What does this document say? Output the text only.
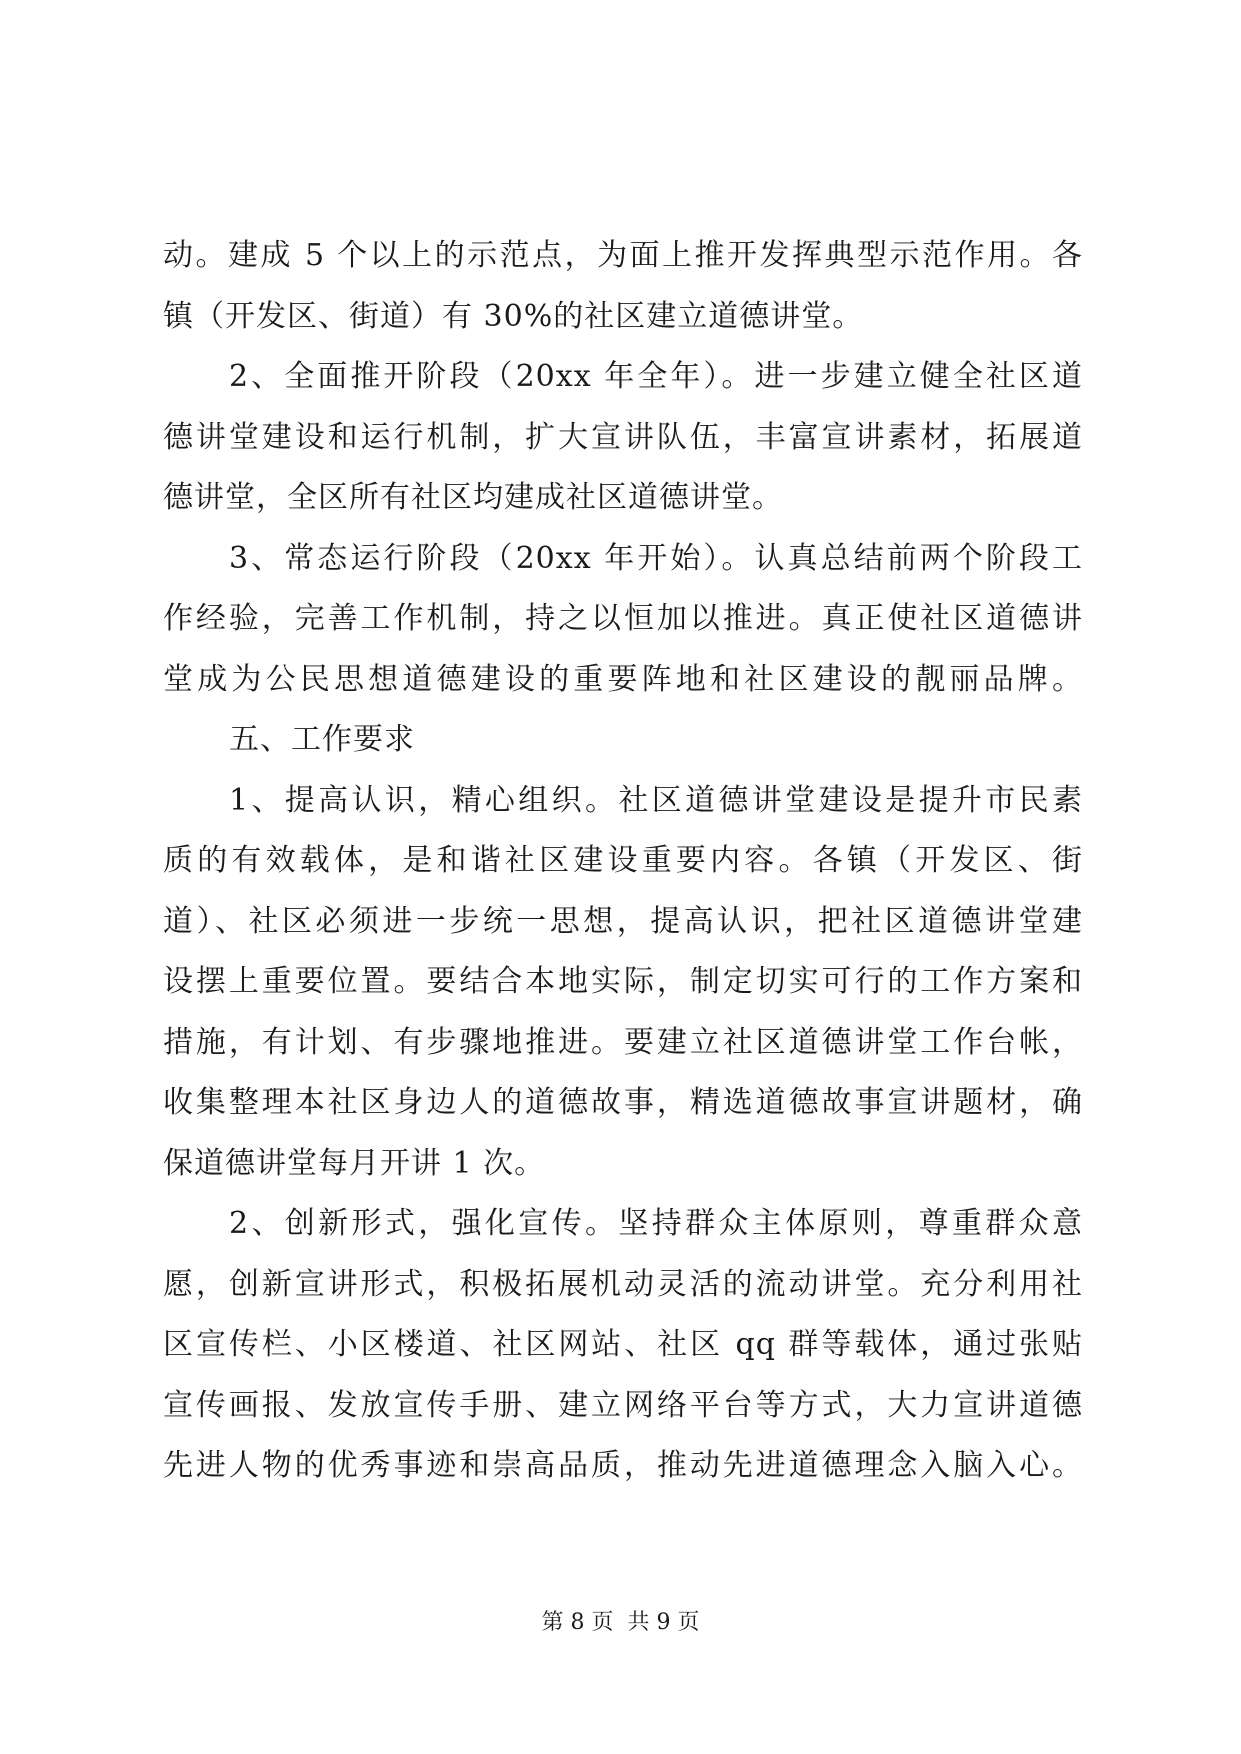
动。建成 5 个以上的示范点，为面上推开发挥典型示范作用。各
镇（开发区、街道）有 30%的社区建立道德讲堂。
2、全面推开阶段（20xx 年全年）。进一步建立健全社区道
德讲堂建设和运行机制，扩大宣讲队伍，丰富宣讲素材，拓展道
德讲堂，全区所有社区均建成社区道德讲堂。
3、常态运行阶段（20xx 年开始）。认真总结前两个阶段工
作经验，完善工作机制，持之以恒加以推进。真正使社区道德讲
堂成为公民思想道德建设的重要阵地和社区建设的靓丽品牌。
五、工作要求
1、提高认识，精心组织。社区道德讲堂建设是提升市民素
质的有效载体，是和谐社区建设重要内容。各镇（开发区、街
道）、社区必须进一步统一思想，提高认识，把社区道德讲堂建
设摆上重要位置。要结合本地实际，制定切实可行的工作方案和
措施，有计划、有步骤地推进。要建立社区道德讲堂工作台帐，
收集整理本社区身边人的道德故事，精选道德故事宣讲题材，确
保道德讲堂每月开讲 1 次。
2、创新形式，强化宣传。坚持群众主体原则，尊重群众意
愿，创新宣讲形式，积极拓展机动灵活的流动讲堂。充分利用社
区宣传栏、小区楼道、社区网站、社区 qq 群等载体，通过张贴
宣传画报、发放宣传手册、建立网络平台等方式，大力宣讲道德
先进人物的优秀事迹和崇高品质，推动先进道德理念入脑入心。
第 8 页  共 9 页
